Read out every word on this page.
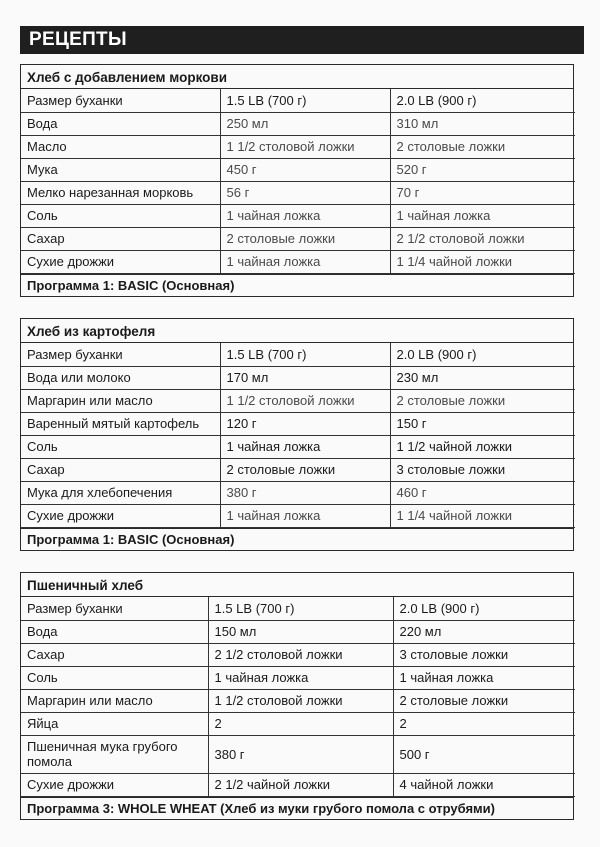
РЕЦЕПТЫ
Хлеб с добавлением моркови
Размер буханки	1.5 LB (700 г)	2.0 LB (900 г)
Вода	250 мл	310 мл
Масло	1 1/2 столовой ложки	2 столовые ложки
Мука	450 г	520 г
Мелко нарезанная морковь	56 г	70 г
Соль	1 чайная ложка	1 чайная ложка
Сахар	2 столовые ложки	2 1/2 столовой ложки
Сухие дрожжи	1 чайная ложка	1 1/4 чайной ложки
Программа 1: BASIC (Основная)
Хлеб из картофеля
Размер буханки	1.5 LB (700 г)	2.0 LB (900 г)
Вода или молоко	170 мл	230 мл
Маргарин или масло	1 1/2 столовой ложки	2 столовые ложки
Варенный мятый картофель	120 г	150 г
Соль	1 чайная ложка	1 1/2 чайной ложки
Сахар	2 столовые ложки	3 столовые ложки
Мука для хлебопечения	380 г	460 г
Сухие дрожжи	1 чайная ложка	1 1/4 чайной ложки
Программа 1: BASIC (Основная)
Пшеничный хлеб
Размер буханки	1.5 LB (700 г)	2.0 LB (900 г)
Вода	150 мл	220 мл
Сахар	2 1/2 столовой ложки	3 столовые ложки
Соль	1 чайная ложка	1 чайная ложка
Маргарин или масло	1 1/2 столовой ложки	2 столовые ложки
Яйца	2	2
Пшеничная мука грубого помола	380 г	500 г
Сухие дрожжи	2 1/2 чайной ложки	4 чайной ложки
Программа 3: WHOLE WHEAT (Хлеб из муки грубого помола с отрубями)
